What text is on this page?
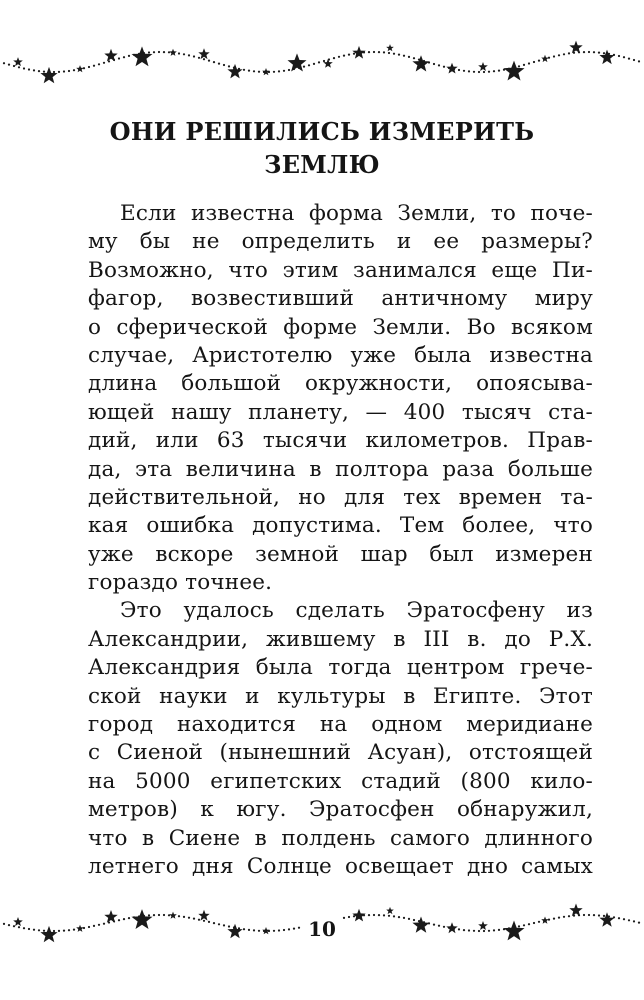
ОНИ РЕШИЛИСЬ ИЗМЕРИТЬ
ЗЕМЛЮ
Если известна форма Земли, то поче-
му бы не определить и ее размеры?
Возможно, что этим занимался еще Пи-
фагор, возвестивший античному миру
о сферической форме Земли. Во всяком
случае, Аристотелю уже была известна
длина большой окружности, опоясыва-
ющей нашу планету, — 400 тысяч ста-
дий, или 63 тысячи километров. Прав-
да, эта величина в полтора раза больше
действительной, но для тех времен та-
кая ошибка допустима. Тем более, что
уже вскоре земной шар был измерен
гораздо точнее.
Это удалось сделать Эратосфену из
Александрии, жившему в III в. до Р.Х.
Александрия была тогда центром грече-
ской науки и культуры в Египте. Этот
город находится на одном меридиане
с Сиеной (нынешний Асуан), отстоящей
на 5000 египетских стадий (800 кило-
метров) к югу. Эратосфен обнаружил,
что в Сиене в полдень самого длинного
летнего дня Солнце освещает дно самых
10
